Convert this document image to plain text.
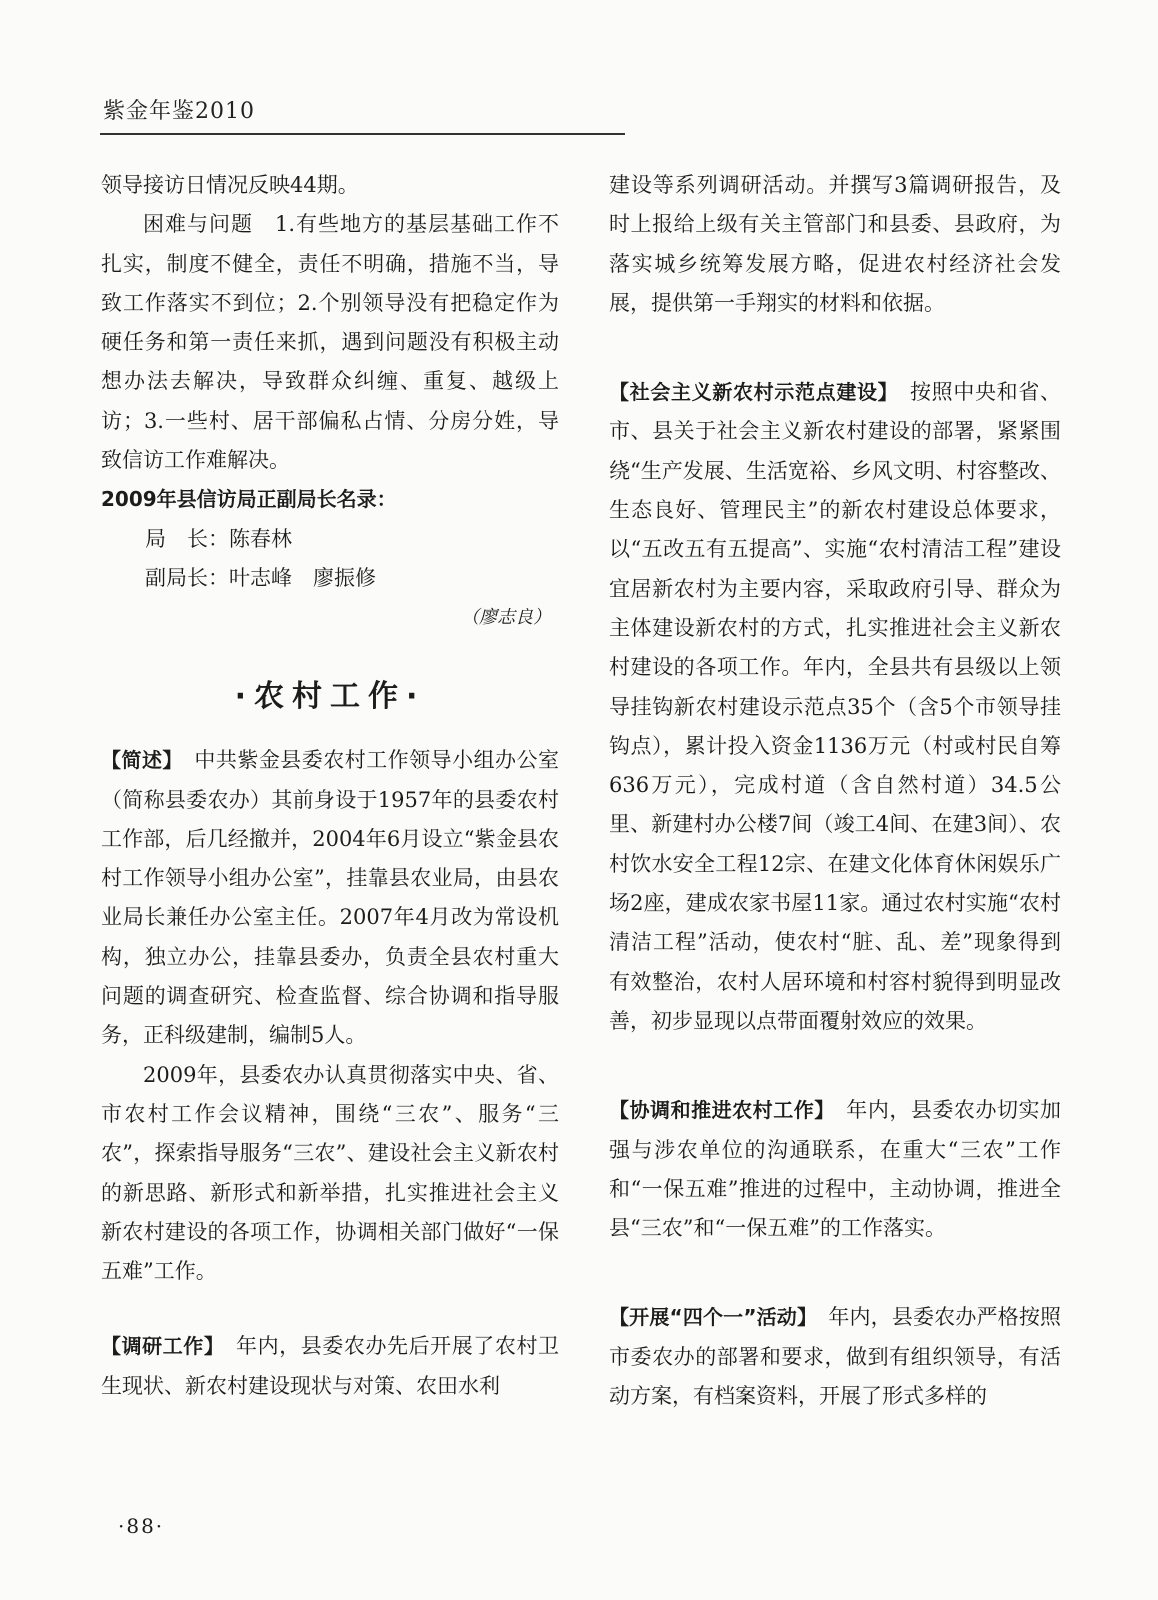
紫金年鉴2010

领导接访日情况反映44期。

困难与问题　 1.有些地方的基层基础工作不扎实，制度不健全，责任不明确，措施不当，导致工作落实不到位；2.个别领导没有把稳定作为硬任务和第一责任来抓，遇到问题没有积极主动想办法去解决，导致群众纠缠、重复、越级上访；3.一些村、居干部偏私占情、分房分姓，导致信访工作难解决。

2009年县信访局正副局长名录：

局　长：陈春林

副局长：叶志峰　廖振修

（廖志良）

·农村工作·

【简述】　 中共紫金县委农村工作领导小组办公室（简称县委农办）其前身设于1957年的县委农村工作部，后几经撤并，2004年6月设立“紫金县农村工作领导小组办公室”，挂靠县农业局，由县农业局长兼任办公室主任。2007年4月改为常设机构，独立办公，挂靠县委办，负责全县农村重大问题的调查研究、检查监督、综合协调和指导服务，正科级建制，编制5人。

2009年，县委农办认真贯彻落实中央、省、市农村工作会议精神，围绕“三农”、服务“三农”，探索指导服务“三农”、建设社会主义新农村的新思路、新形式和新举措，扎实推进社会主义新农村建设的各项工作，协调相关部门做好“一保五难”工作。

【调研工作】　 年内，县委农办先后开展了农村卫生现状、新农村建设现状与对策、农田水利

建设等系列调研活动。并撰写3篇调研报告，及时上报给上级有关主管部门和县委、县政府，为落实城乡统筹发展方略，促进农村经济社会发展，提供第一手翔实的材料和依据。

【社会主义新农村示范点建设】　 按照中央和省、市、县关于社会主义新农村建设的部署，紧紧围绕“生产发展、生活宽裕、乡风文明、村容整改、生态良好、管理民主”的新农村建设总体要求，以“五改五有五提高”、实施“农村清洁工程”建设宜居新农村为主要内容，采取政府引导、群众为主体建设新农村的方式，扎实推进社会主义新农村建设的各项工作。年内，全县共有县级以上领导挂钩新农村建设示范点35个（含5个市领导挂钩点），累计投入资金1136万元（村或村民自筹636万元），完成村道（含自然村道）34.5公里、新建村办公楼7间（竣工4间、在建3间）、农村饮水安全工程12宗、在建文化体育休闲娱乐广场2座，建成农家书屋11家。通过农村实施“农村清洁工程”活动，使农村“脏、乱、差”现象得到有效整治，农村人居环境和村容村貌得到明显改善，初步显现以点带面覆射效应的效果。

【协调和推进农村工作】　 年内，县委农办切实加强与涉农单位的沟通联系，在重大“三农”工作和“一保五难”推进的过程中，主动协调，推进全县“三农”和“一保五难”的工作落实。

【开展“四个一”活动】　 年内，县委农办严格按照市委农办的部署和要求，做到有组织领导，有活动方案，有档案资料，开展了形式多样的

·88·
